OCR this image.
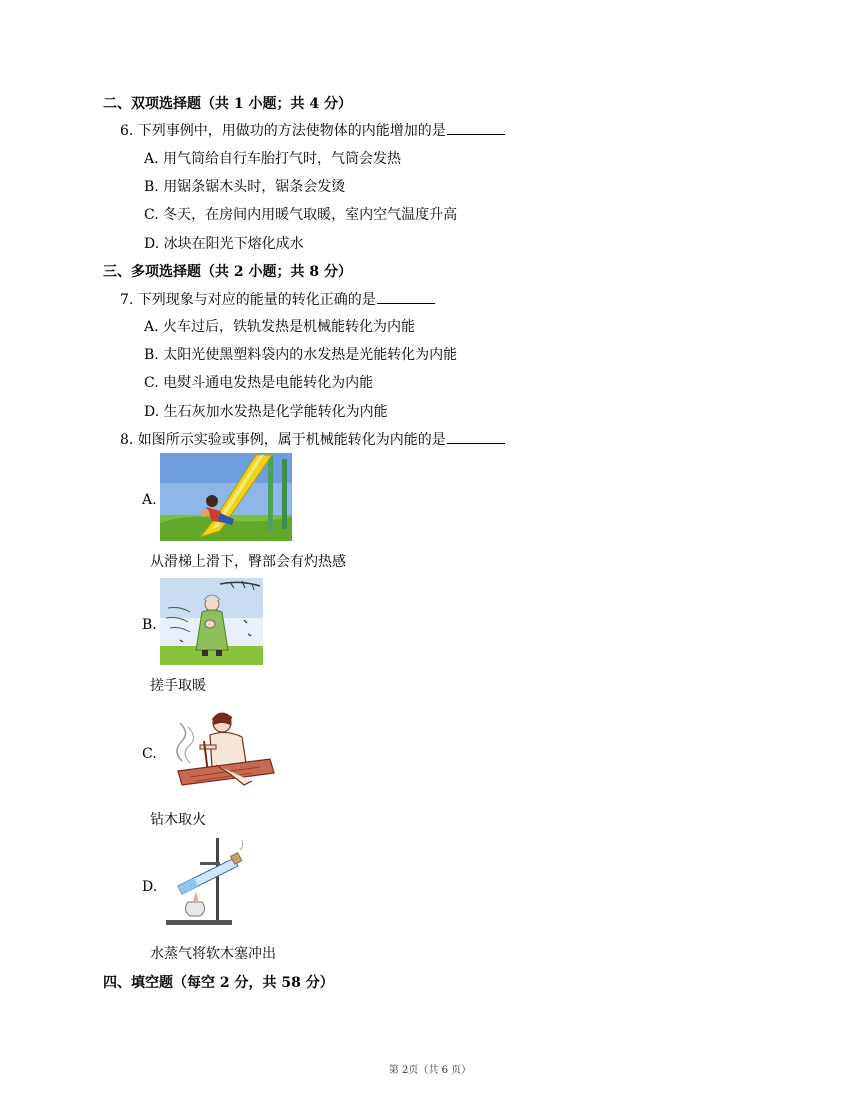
二、双项选择题（共 1 小题；共 4 分）
6. 下列事例中，用做功的方法使物体的内能增加的是
A. 用气筒给自行车胎打气时，气筒会发热
B. 用锯条锯木头时，锯条会发烫
C. 冬天，在房间内用暖气取暖，室内空气温度升高
D. 冰块在阳光下熔化成水
三、多项选择题（共 2 小题；共 8 分）
7. 下列现象与对应的能量的转化正确的是
A. 火车过后，铁轨发热是机械能转化为内能
B. 太阳光使黑塑料袋内的水发热是光能转化为内能
C. 电熨斗通电发热是电能转化为内能
D. 生石灰加水发热是化学能转化为内能
8. 如图所示实验或事例，属于机械能转化为内能的是
A.
从滑梯上滑下，臀部会有灼热感
B.
搓手取暖
C.
钻木取火
D.
水蒸气将软木塞冲出
四、填空题（每空 2 分，共 58 分）
第 2页（共 6 页）
